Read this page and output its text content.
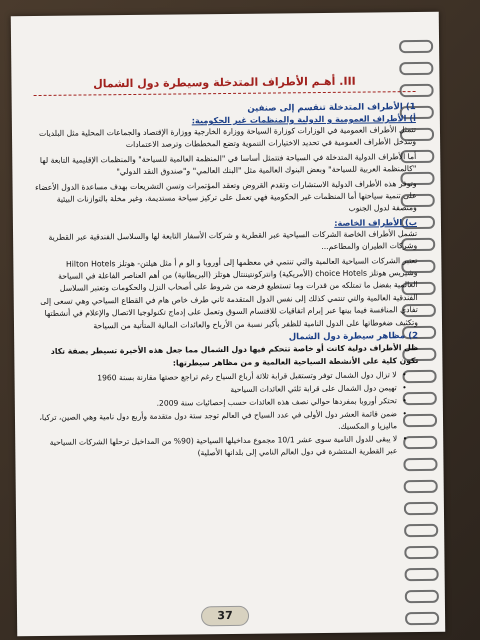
III. أهـم الأطراف المتدخلة وسيطرة دول الشمال
1) الأطراف المتدخلة تنقسم إلى صنفين
أ) الأطراف العمومية و الدولية والمنظمات غير الحكومية:

تتمثل الأطراف العمومية في الوزارات كوزارة السياحة ووزارة الخارجية ووزارة الإقتصاد والجماعات المحلية مثل البلديات وتتدخل الأطراف العمومية في تحديد الاختيارات التنموية وتضع المخططات وترصد الاعتمادات

أما الأطراف الدولية المتدخلة في السياحة فتتمثل أساسا في "المنظمة العالمية للسياحة" والمنظمات الإقليمية التابعة لها "كالمنظمة العربية للسياحة" وبعض البنوك العالمية مثل "البنك العالمي" و"صندوق النقد الدولي"

وتوفر هذه الأطراف الدولية الاستشارات وتقدم القروض وتعقد المؤتمرات وتسن التشريعات بهدف مساعدة الدول الأعضاء على تنمية سياحتها أما المنظمات غير الحكومية فهي تعمل على تركيز سياحة مستديمة، وغير مخلة بالتوازنات البيئية ومنصفة لدول الجنوب

ب) الأطراف الخاصة:

تشمل الأطراف الخاصة الشركات السياحية عبر القطرية و شركات الأسفار التابعة لها والسلاسل الفندقية عبر القطرية وشركات الطيران والمطاعم...

تعتبر الشركات السياحية العالمية والتي تنتمي في معظمها إلى أوروبا و الو م أ مثل هيلتن- هوتلز Hilton Hotels وشيريس هوتلز choice Hotels (الأمريكية) وانتركونتيننتال هوتلز (البريطانية) من أهم العناصر الفاعلة في السياحة العالمية بفضل ما تمتلكه من قدرات وما تستطيع فرضه من شروط على أصحاب النزل والحكومات وتعتبر السلاسل الفندقية العالمية والتي تنتمي كذلك إلى نفس الدول المتقدمة ثاني طرف خاص هام في القطاع السياحي وهي تسعى إلى تفادي المنافسة فيما بينها عبر إبرام اتفاقيات للاقتسام السوق وتعمل على إدماج تكنولوجيا الاتصال والإعلام في أنشطتها وتكثيف ضغوطاتها على الدول النامية للظفر بأكبر نسبة من الأرباح والعائدات المالية المتأتية من السياحة

2) مظاهر سيطرة دول الشمال

ظل الأطراف دولية كانت أو خاصة تتحكم فيها دول الشمال مما جعل هذه الأخيرة تسيطر بصفة تكاد تكون كلية على الأنشطة السياحية العالمية و من مظاهر سيطرتها:

• لا تزال دول الشمال توفر وتستقبل قرابة ثلاثة أرباع السياح رغم تراجع حصتها مقارنة بسنة 1960
• تهيمن دول الشمال على قرابة ثلثي العائدات السياحية
• تحتكر أوروبا بمفردها حوالي نصف هذه العائدات حسب إحصائيات سنة 2009.
• ضمن قائمة العشر دول الأولى في عدد السياح في العالم توجد ستة دول متقدمة وأربع دول نامية وهي الصين، تركيا، ماليزيا و المكسيك.
• لا يبقى للدول النامية سوى عشر 10/1 مجموع مداخيلها السياحية (90% من المداخيل ترحلها الشركات السياحية عبر القطرية المنتشرة في دول العالم النامي إلى بلدانها الأصلية)
37
